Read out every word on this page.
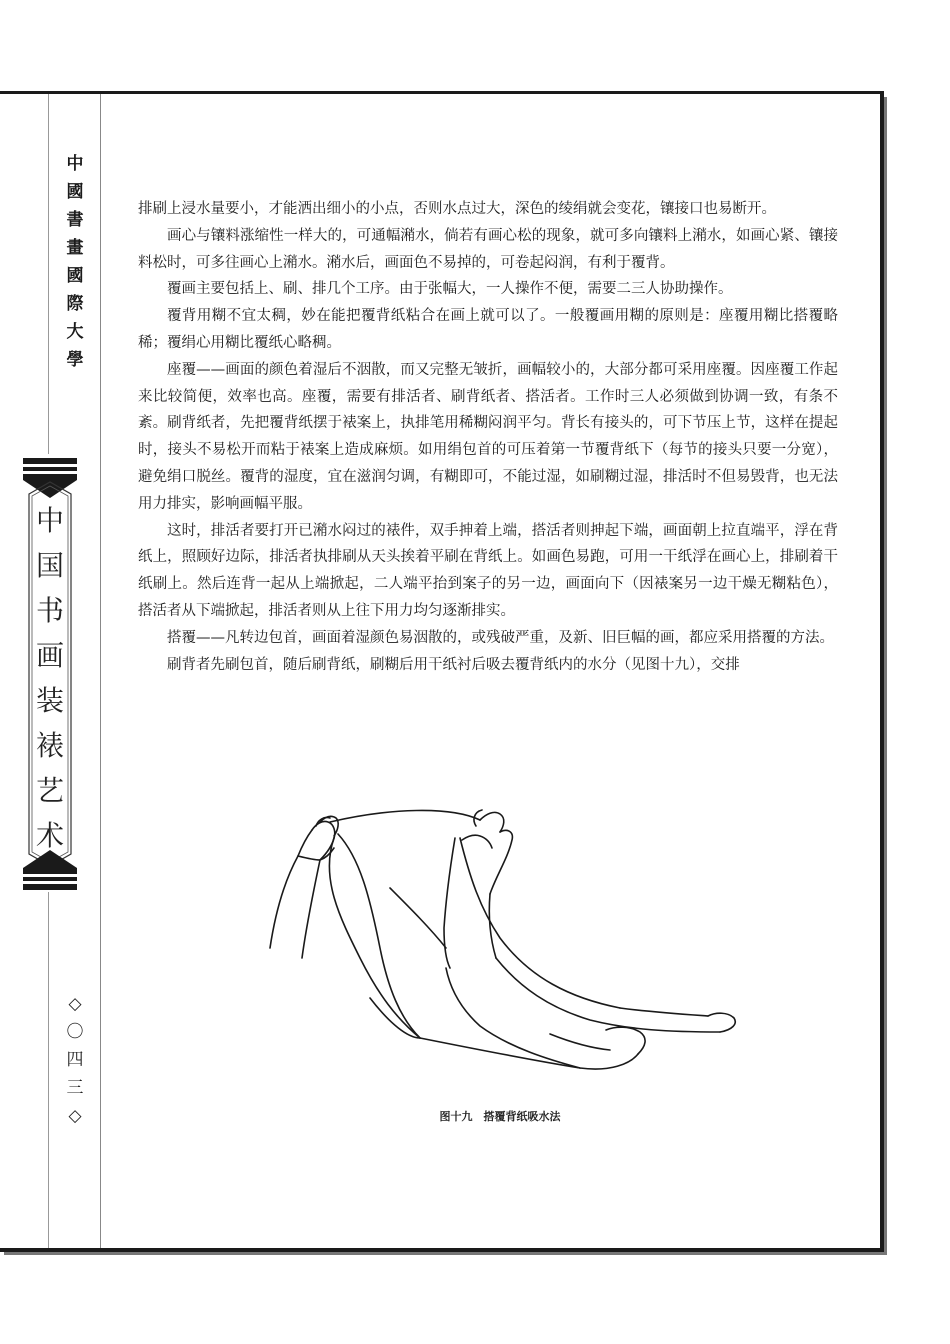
中
國
書
畫
國
際
大
學
中
国
书
画
装
裱
艺
术
◇
〇
四
三
◇

排刷上浸水量要小，才能洒出细小的小点，否则水点过大，深色的绫绢就会变花，镶接口也易断开。

画心与镶料涨缩性一样大的，可通幅潲水，倘若有画心松的现象，就可多向镶料上潲水，如画心紧、镶接料松时，可多往画心上潲水。潲水后，画面色不易掉的，可卷起闷润，有利于覆背。

覆画主要包括上、刷、排几个工序。由于张幅大，一人操作不便，需要二三人协助操作。

覆背用糊不宜太稠，妙在能把覆背纸粘合在画上就可以了。一般覆画用糊的原则是：座覆用糊比搭覆略稀；覆绢心用糊比覆纸心略稠。

座覆——画面的颜色着湿后不洇散，而又完整无皱折，画幅较小的，大部分都可采用座覆。因座覆工作起来比较简便，效率也高。座覆，需要有排活者、刷背纸者、搭活者。工作时三人必须做到协调一致，有条不紊。刷背纸者，先把覆背纸摆于裱案上，执排笔用稀糊闷润平匀。背长有接头的，可下节压上节，这样在提起时，接头不易松开而粘于裱案上造成麻烦。如用绢包首的可压着第一节覆背纸下（每节的接头只要一分宽），避免绢口脱丝。覆背的湿度，宜在滋润匀调，有糊即可，不能过湿，如刷糊过湿，排活时不但易毁背，也无法用力排实，影响画幅平服。

这时，排活者要打开已潲水闷过的裱件，双手抻着上端，搭活者则抻起下端，画面朝上拉直端平，浮在背纸上，照顾好边际，排活者执排刷从天头挨着平刷在背纸上。如画色易跑，可用一干纸浮在画心上，排刷着干纸刷上。然后连背一起从上端掀起，二人端平抬到案子的另一边，画面向下（因裱案另一边干燥无糊粘色），搭活者从下端掀起，排活者则从上往下用力均匀逐渐排实。

搭覆——凡转边包首，画面着湿颜色易洇散的，或残破严重，及新、旧巨幅的画，都应采用搭覆的方法。

刷背者先刷包首，随后刷背纸，刷糊后用干纸衬后吸去覆背纸内的水分（见图十九），交排

图十九　搭覆背纸吸水法
